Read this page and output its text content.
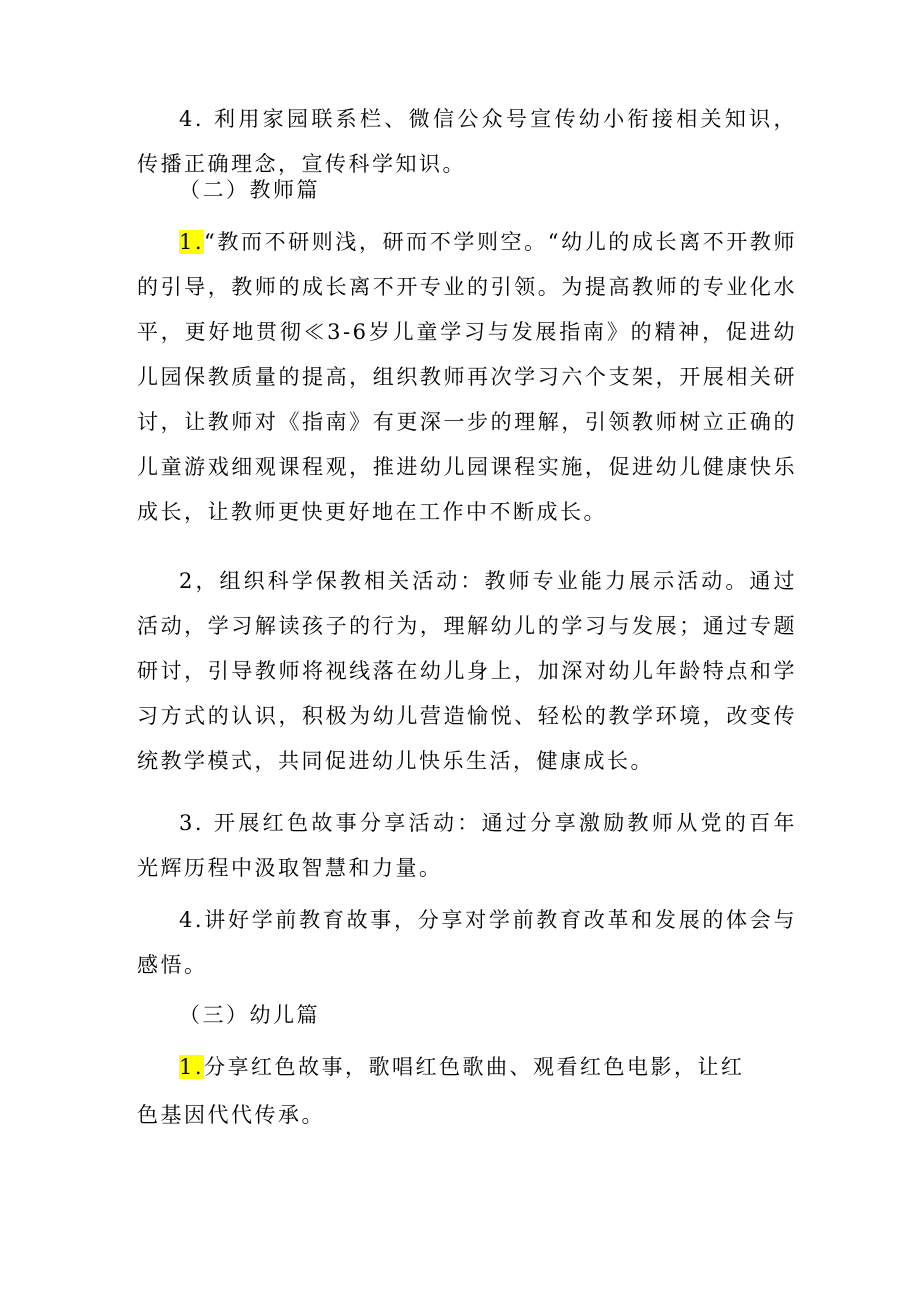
4. 利用家园联系栏、微信公众号宣传幼小衔接相关知识，传播正确理念，宣传科学知识。

（二）教师篇

1.“教而不研则浅，研而不学则空。“幼儿的成长离不开教师的引导，教师的成长离不开专业的引领。为提高教师的专业化水平，更好地贯彻≪3-6岁儿童学习与发展指南》的精神，促进幼儿园保教质量的提高，组织教师再次学习六个支架，开展相关研讨，让教师对《指南》有更深一步的理解，引领教师树立正确的儿童游戏细观课程观，推进幼儿园课程实施，促进幼儿健康快乐成长，让教师更快更好地在工作中不断成长。

2，组织科学保教相关活动：教师专业能力展示活动。通过活动，学习解读孩子的行为，理解幼儿的学习与发展；通过专题研讨，引导教师将视线落在幼儿身上，加深对幼儿年龄特点和学习方式的认识，积极为幼儿营造愉悦、轻松的教学环境，改变传统教学模式，共同促进幼儿快乐生活，健康成长。

3. 开展红色故事分享活动：通过分享激励教师从党的百年光辉历程中汲取智慧和力量。

4.讲好学前教育故事，分享对学前教育改革和发展的体会与感悟。

（三）幼儿篇

1.分享红色故事，歌唱红色歌曲、观看红色电影，让红

色基因代代传承。
